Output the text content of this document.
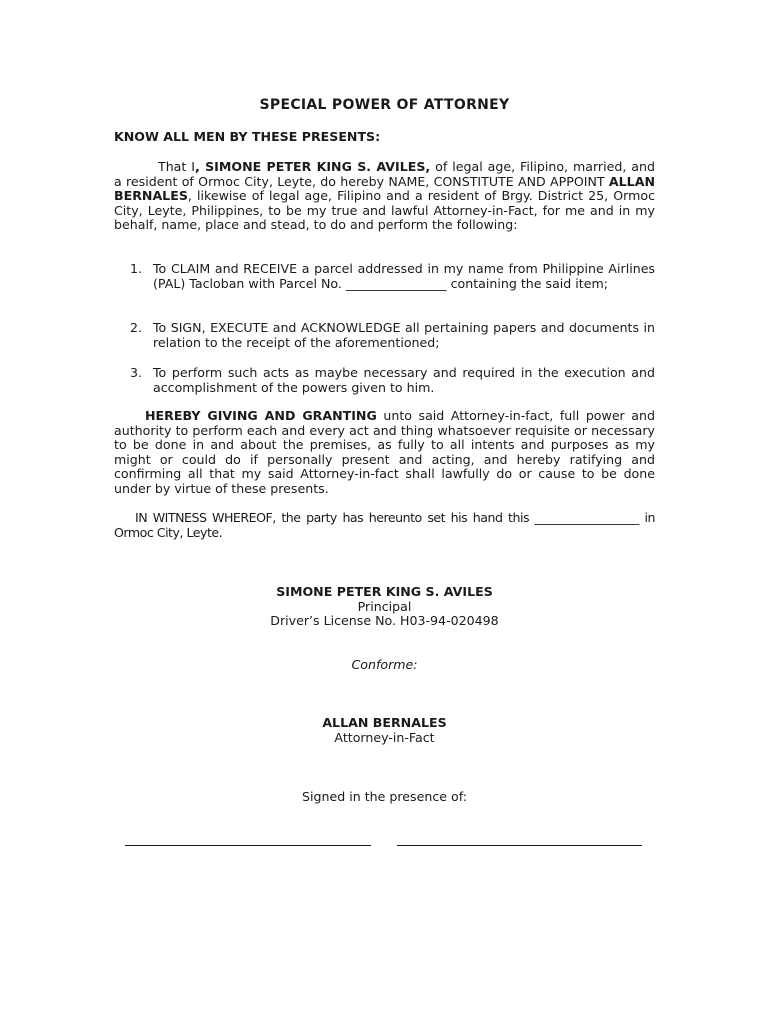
SPECIAL POWER OF ATTORNEY
KNOW ALL MEN BY THESE PRESENTS:
That I, SIMONE PETER KING S. AVILES, of legal age, Filipino, married, and a resident of Ormoc City, Leyte, do hereby NAME, CONSTITUTE AND APPOINT ALLAN BERNALES, likewise of legal age, Filipino and a resident of Brgy. District 25, Ormoc City, Leyte, Philippines, to be my true and lawful Attorney-in-Fact, for me and in my behalf, name, place and stead, to do and perform the following:
1. To CLAIM and RECEIVE a parcel addressed in my name from Philippine Airlines (PAL) Tacloban with Parcel No. ________________ containing the said item;
2. To SIGN, EXECUTE and ACKNOWLEDGE all pertaining papers and documents in relation to the receipt of the aforementioned;
3. To perform such acts as maybe necessary and required in the execution and accomplishment of the powers given to him.
HEREBY GIVING AND GRANTING unto said Attorney-in-fact, full power and authority to perform each and every act and thing whatsoever requisite or necessary to be done in and about the premises, as fully to all intents and purposes as my might or could do if personally present and acting, and hereby ratifying and confirming all that my said Attorney-in-fact shall lawfully do or cause to be done under by virtue of these presents.
IN WITNESS WHEREOF, the party has hereunto set his hand this __________________ in Ormoc City, Leyte.
SIMONE PETER KING S. AVILES
Principal
Driver’s License No. H03-94-020498
Conforme:
ALLAN BERNALES
Attorney-in-Fact
Signed in the presence of:
